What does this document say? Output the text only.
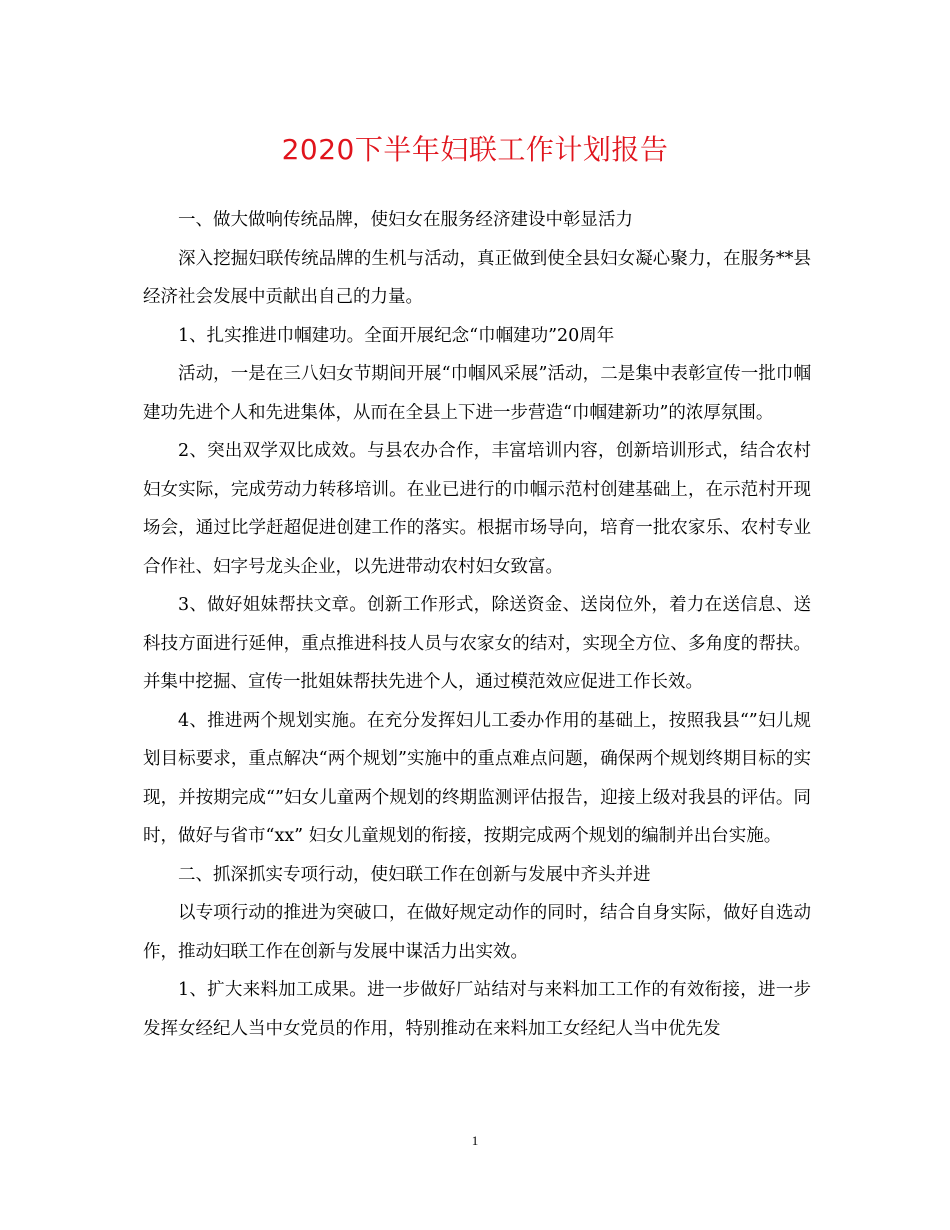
2020下半年妇联工作计划报告

一、做大做响传统品牌，使妇女在服务经济建设中彰显活力

深入挖掘妇联传统品牌的生机与活动，真正做到使全县妇女凝心聚力，在服务**县经济社会发展中贡献出自己的力量。

1、扎实推进巾帼建功。全面开展纪念“巾帼建功”20周年

活动，一是在三八妇女节期间开展“巾帼风采展”活动，二是集中表彰宣传一批巾帼建功先进个人和先进集体，从而在全县上下进一步营造“巾帼建新功”的浓厚氛围。

2、突出双学双比成效。与县农办合作，丰富培训内容，创新培训形式，结合农村妇女实际，完成劳动力转移培训。在业已进行的巾帼示范村创建基础上，在示范村开现场会，通过比学赶超促进创建工作的落实。根据市场导向，培育一批农家乐、农村专业合作社、妇字号龙头企业，以先进带动农村妇女致富。

3、做好姐妹帮扶文章。创新工作形式，除送资金、送岗位外，着力在送信息、送科技方面进行延伸，重点推进科技人员与农家女的结对，实现全方位、多角度的帮扶。并集中挖掘、宣传一批姐妹帮扶先进个人，通过模范效应促进工作长效。

4、推进两个规划实施。在充分发挥妇儿工委办作用的基础上，按照我县“”妇儿规划目标要求，重点解决“两个规划”实施中的重点难点问题，确保两个规划终期目标的实现，并按期完成“”妇女儿童两个规划的终期监测评估报告，迎接上级对我县的评估。同时，做好与省市“xx” 妇女儿童规划的衔接，按期完成两个规划的编制并出台实施。

二、抓深抓实专项行动，使妇联工作在创新与发展中齐头并进

以专项行动的推进为突破口，在做好规定动作的同时，结合自身实际，做好自选动作，推动妇联工作在创新与发展中谋活力出实效。

1、扩大来料加工成果。进一步做好厂站结对与来料加工工作的有效衔接，进一步发挥女经纪人当中女党员的作用，特别推动在来料加工女经纪人当中优先发

1
